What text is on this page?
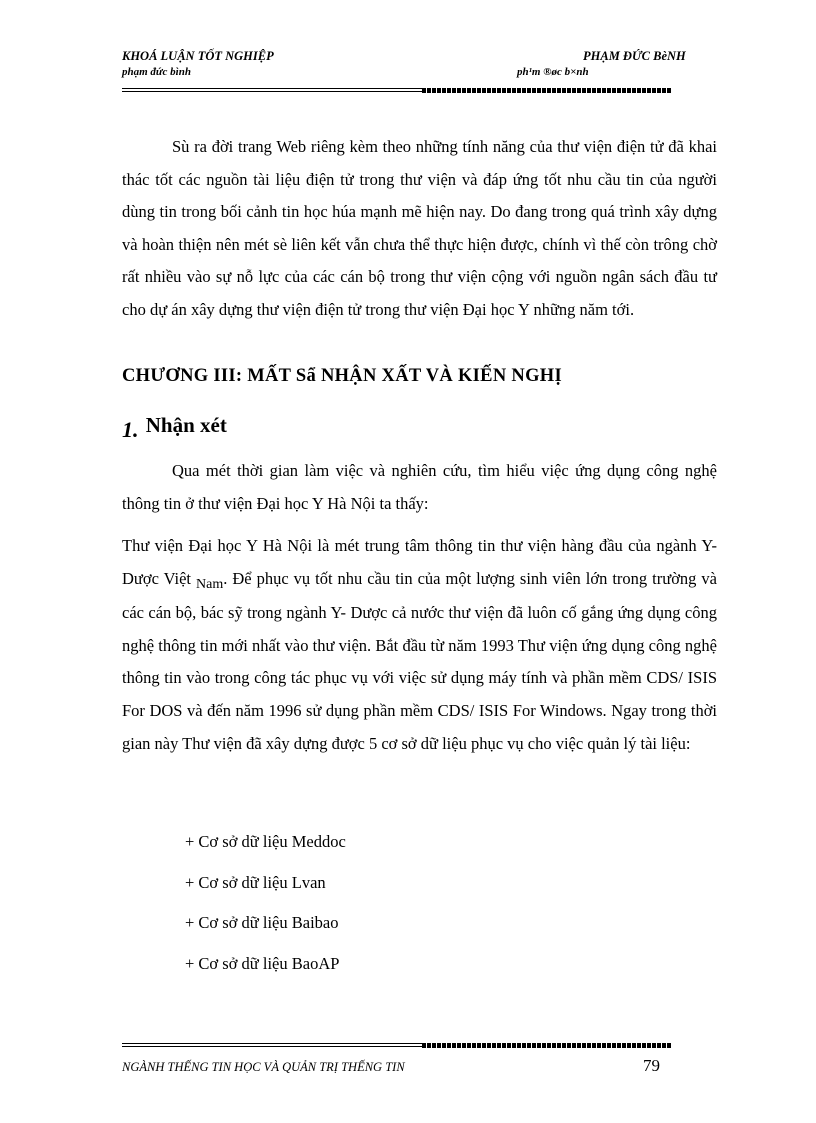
KHOÁ LUẬN TỐT NGHIỆP
phạm đức bình
PHẠM ĐỨC BèNH
ph¹m ®øc b×nh
Sù ra đời trang Web riêng kèm theo những tính năng của thư viện điện tử đã khai thác tốt các nguồn tài liệu điện tử trong thư viện và đáp ứng tốt nhu cầu tin của người dùng tin trong bối cảnh tin học húa mạnh mẽ hiện nay. Do đang trong quá trình xây dựng và hoàn thiện nên mét sè liên kết vẫn chưa thể thực hiện được, chính vì thế còn trông chờ rất nhiều vào sự nỗ lực của các cán bộ trong thư viện cộng với nguồn ngân sách đầu tư cho dự án xây dựng thư viện điện tử trong thư viện Đại học Y những năm tới.
CHƯƠNG III: MẤT Sẩ NHẬN XẤT VÀ KIẾN NGHỊ
1. Nhận xét
Qua mét thời gian làm việc và nghiên cứu, tìm hiểu việc ứng dụng công nghệ thông tin ở thư viện Đại học Y Hà Nội ta thấy:
Thư viện Đại học Y Hà Nội là mét trung tâm thông tin thư viện hàng đầu của ngành Y- Dược Việt $_{Nam}$. Để phục vụ tốt nhu cầu tin của một lượng sinh viên lớn trong trường và các cán bộ, bác sỹ trong ngành Y- Dược cả nước thư viện đã luôn cố gắng ứng dụng công nghệ thông tin mới nhất vào thư viện. Bắt đầu từ năm 1993 Thư viện ứng dụng công nghệ thông tin vào trong công tác phục vụ với việc sử dụng máy tính và phần mềm CDS/ ISIS For DOS và đến năm 1996 sử dụng phần mềm CDS/ ISIS For Windows. Ngay trong thời gian này Thư viện đã xây dựng được 5 cơ sở dữ liệu phục vụ cho việc quản lý tài liệu:
+ Cơ sở dữ liệu Meddoc
+ Cơ sở dữ liệu Lvan
+ Cơ sở dữ liệu Baibao
+ Cơ sở dữ liệu BaoAP
NGÀNH THẾNG TIN HỌC VÀ QUẢN TRỊ THẾNG TIN	79
